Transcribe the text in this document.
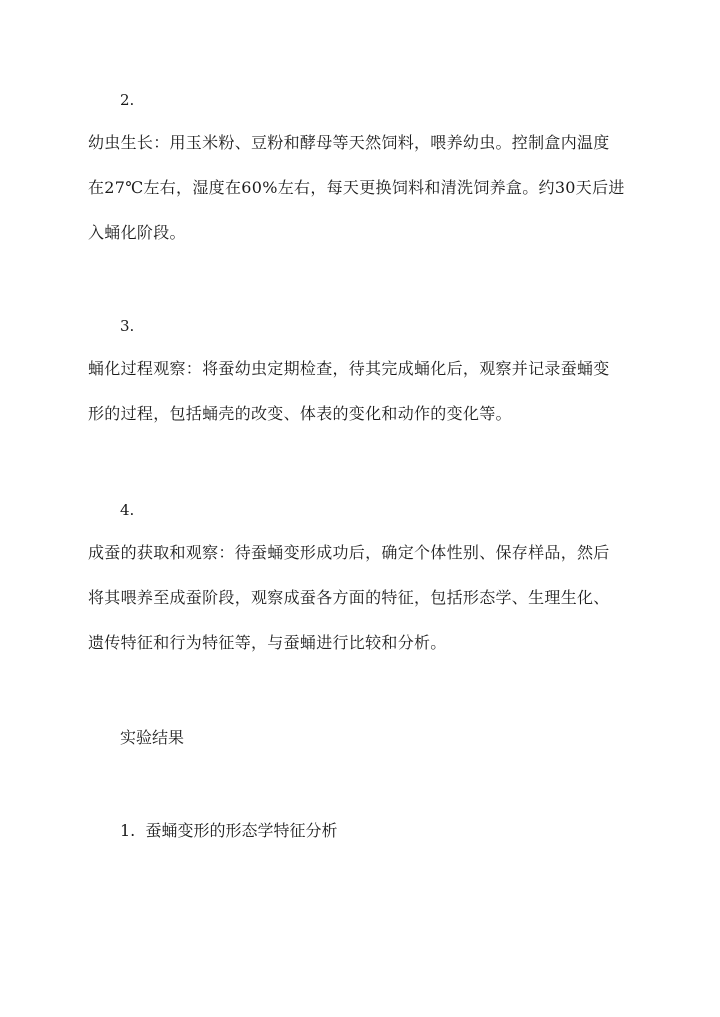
2.
幼虫生长：用玉米粉、豆粉和酵母等天然饲料，喂养幼虫。控制盒内温度
在27℃左右，湿度在60%左右，每天更换饲料和清洗饲养盒。约30天后进
入蛹化阶段。
3.
蛹化过程观察：将蚕幼虫定期检查，待其完成蛹化后，观察并记录蚕蛹变
形的过程，包括蛹壳的改变、体表的变化和动作的变化等。
4.
成蚕的获取和观察：待蚕蛹变形成功后，确定个体性别、保存样品，然后
将其喂养至成蚕阶段，观察成蚕各方面的特征，包括形态学、生理生化、
遗传特征和行为特征等，与蚕蛹进行比较和分析。
实验结果
1.  蚕蛹变形的形态学特征分析
